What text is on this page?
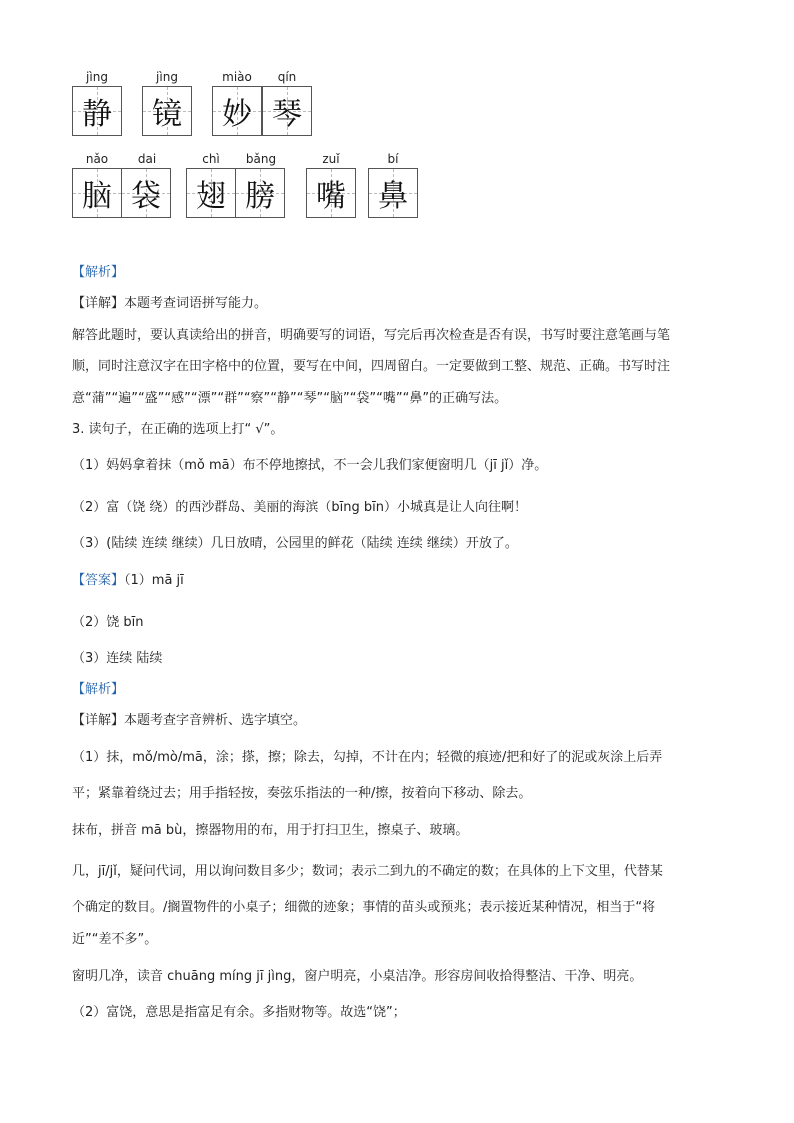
jìng
静
jìng
镜
miào
妙
qín
琴
nǎo	dai
脑 袋
chì	bǎng
翅 膀
zuǐ
嘴
bí
鼻
【解析】
【详解】本题考查词语拼写能力。
解答此题时，要认真读给出的拼音，明确要写的词语，写完后再次检查是否有误，书写时要注意笔画与笔
顺，同时注意汉字在田字格中的位置，要写在中间，四周留白。一定要做到工整、规范、正确。书写时注
意“蒲”“遍”“盛”“感”“漂”“群”“察”“静”“琴”“脑”“袋”“嘴”“鼻”的正确写法。
3. 读句子，在正确的选项上打“ √”。
（1）妈妈拿着抹（mǒ mā）布不停地擦拭，不一会儿我们家便窗明几（jī jǐ）净。
（2）富（饶 绕）的西沙群岛、美丽的海滨（bīng bīn）小城真是让人向往啊！
（3）(陆续 连续 继续）几日放晴，公园里的鲜花（陆续 连续 继续）开放了。
【答案】（1）mā jī
（2）饶 bīn
（3）连续 陆续
【解析】
【详解】本题考查字音辨析、选字填空。
（1）抹，mǒ/mò/mā，涂；搽，擦；除去，勾掉，不计在内；轻微的痕迹/把和好了的泥或灰涂上后弄
平；紧靠着绕过去；用手指轻按，奏弦乐指法的一种/擦，按着向下移动、除去。
抹布，拼音 mā bù，擦器物用的布，用于打扫卫生，擦桌子、玻璃。
几，jī/jǐ，疑问代词，用以询问数目多少；数词；表示二到九的不确定的数；在具体的上下文里，代替某
个确定的数目。/搁置物件的小桌子；细微的迹象；事情的苗头或预兆；表示接近某种情况，相当于“将
近”“差不多”。
窗明几净，读音 chuāng míng jī jìng，窗户明亮，小桌洁净。形容房间收拾得整洁、干净、明亮。
（2）富饶，意思是指富足有余。多指财物等。故选“饶”；
